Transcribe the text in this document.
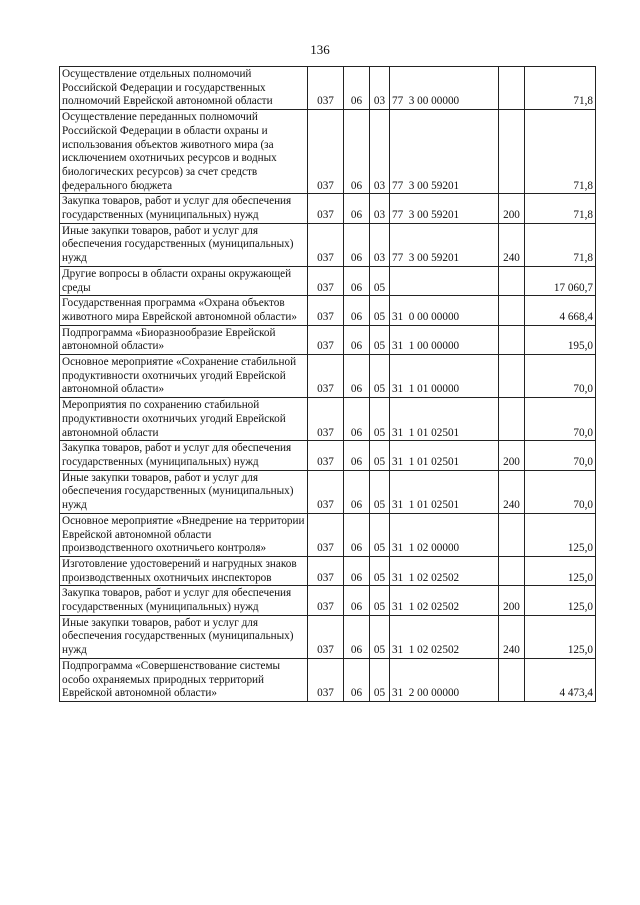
136
Осуществление отдельных полномочий Российской Федерации и государственных полномочий Еврейской автономной области	037	06	03	77  3 00 00000		71,8
Осуществление переданных полномочий Российской Федерации в области охраны и использования объектов животного мира (за исключением охотничьих ресурсов и водных биологических ресурсов) за счет средств федерального бюджета	037	06	03	77  3 00 59201		71,8
Закупка товаров, работ и услуг для обеспечения государственных (муниципальных) нужд	037	06	03	77  3 00 59201	200	71,8
Иные закупки товаров, работ и услуг для обеспечения государственных (муниципальных) нужд	037	06	03	77  3 00 59201	240	71,8
Другие вопросы в области охраны окружающей среды	037	06	05			17 060,7
Государственная программа «Охрана объектов животного мира Еврейской автономной области»	037	06	05	31  0 00 00000		4 668,4
Подпрограмма «Биоразнообразие Еврейской автономной области»	037	06	05	31  1 00 00000		195,0
Основное мероприятие «Сохранение стабильной продуктивности охотничьих угодий Еврейской автономной области»	037	06	05	31  1 01 00000		70,0
Мероприятия по сохранению стабильной продуктивности охотничьих угодий Еврейской автономной области	037	06	05	31  1 01 02501		70,0
Закупка товаров, работ и услуг для обеспечения государственных (муниципальных) нужд	037	06	05	31  1 01 02501	200	70,0
Иные закупки товаров, работ и услуг для обеспечения государственных (муниципальных) нужд	037	06	05	31  1 01 02501	240	70,0
Основное мероприятие «Внедрение на территории Еврейской автономной области производственного охотничьего контроля»	037	06	05	31  1 02 00000		125,0
Изготовление удостоверений и нагрудных знаков производственных охотничьих инспекторов	037	06	05	31  1 02 02502		125,0
Закупка товаров, работ и услуг для обеспечения государственных (муниципальных) нужд	037	06	05	31  1 02 02502	200	125,0
Иные закупки товаров, работ и услуг для обеспечения государственных (муниципальных) нужд	037	06	05	31  1 02 02502	240	125,0
Подпрограмма «Совершенствование системы особо охраняемых природных территорий Еврейской автономной области»	037	06	05	31  2 00 00000		4 473,4
